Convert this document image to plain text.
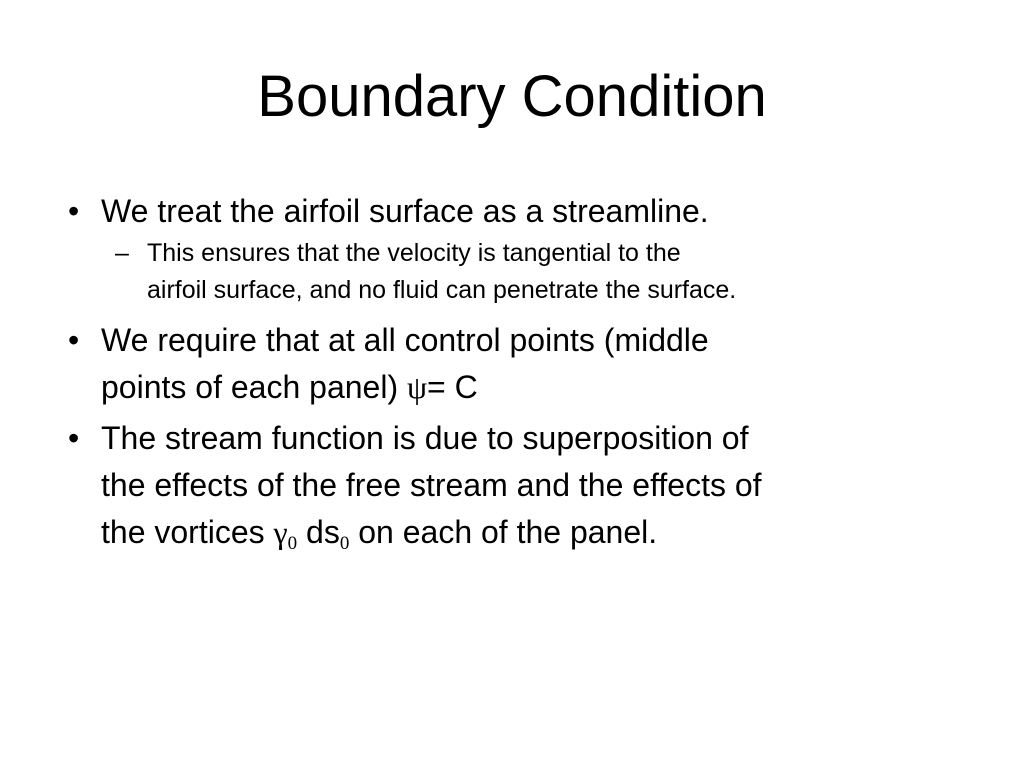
Boundary Condition
• We treat the airfoil surface as a streamline.
– This ensures that the velocity is tangential to the
airfoil surface, and no fluid can penetrate the surface.
• We require that at all control points (middle
points of each panel) ψ= C
• The stream function is due to superposition of
the effects of the free stream and the effects of
the vortices $\gamma_0$ $ds_0$ on each of the panel.
